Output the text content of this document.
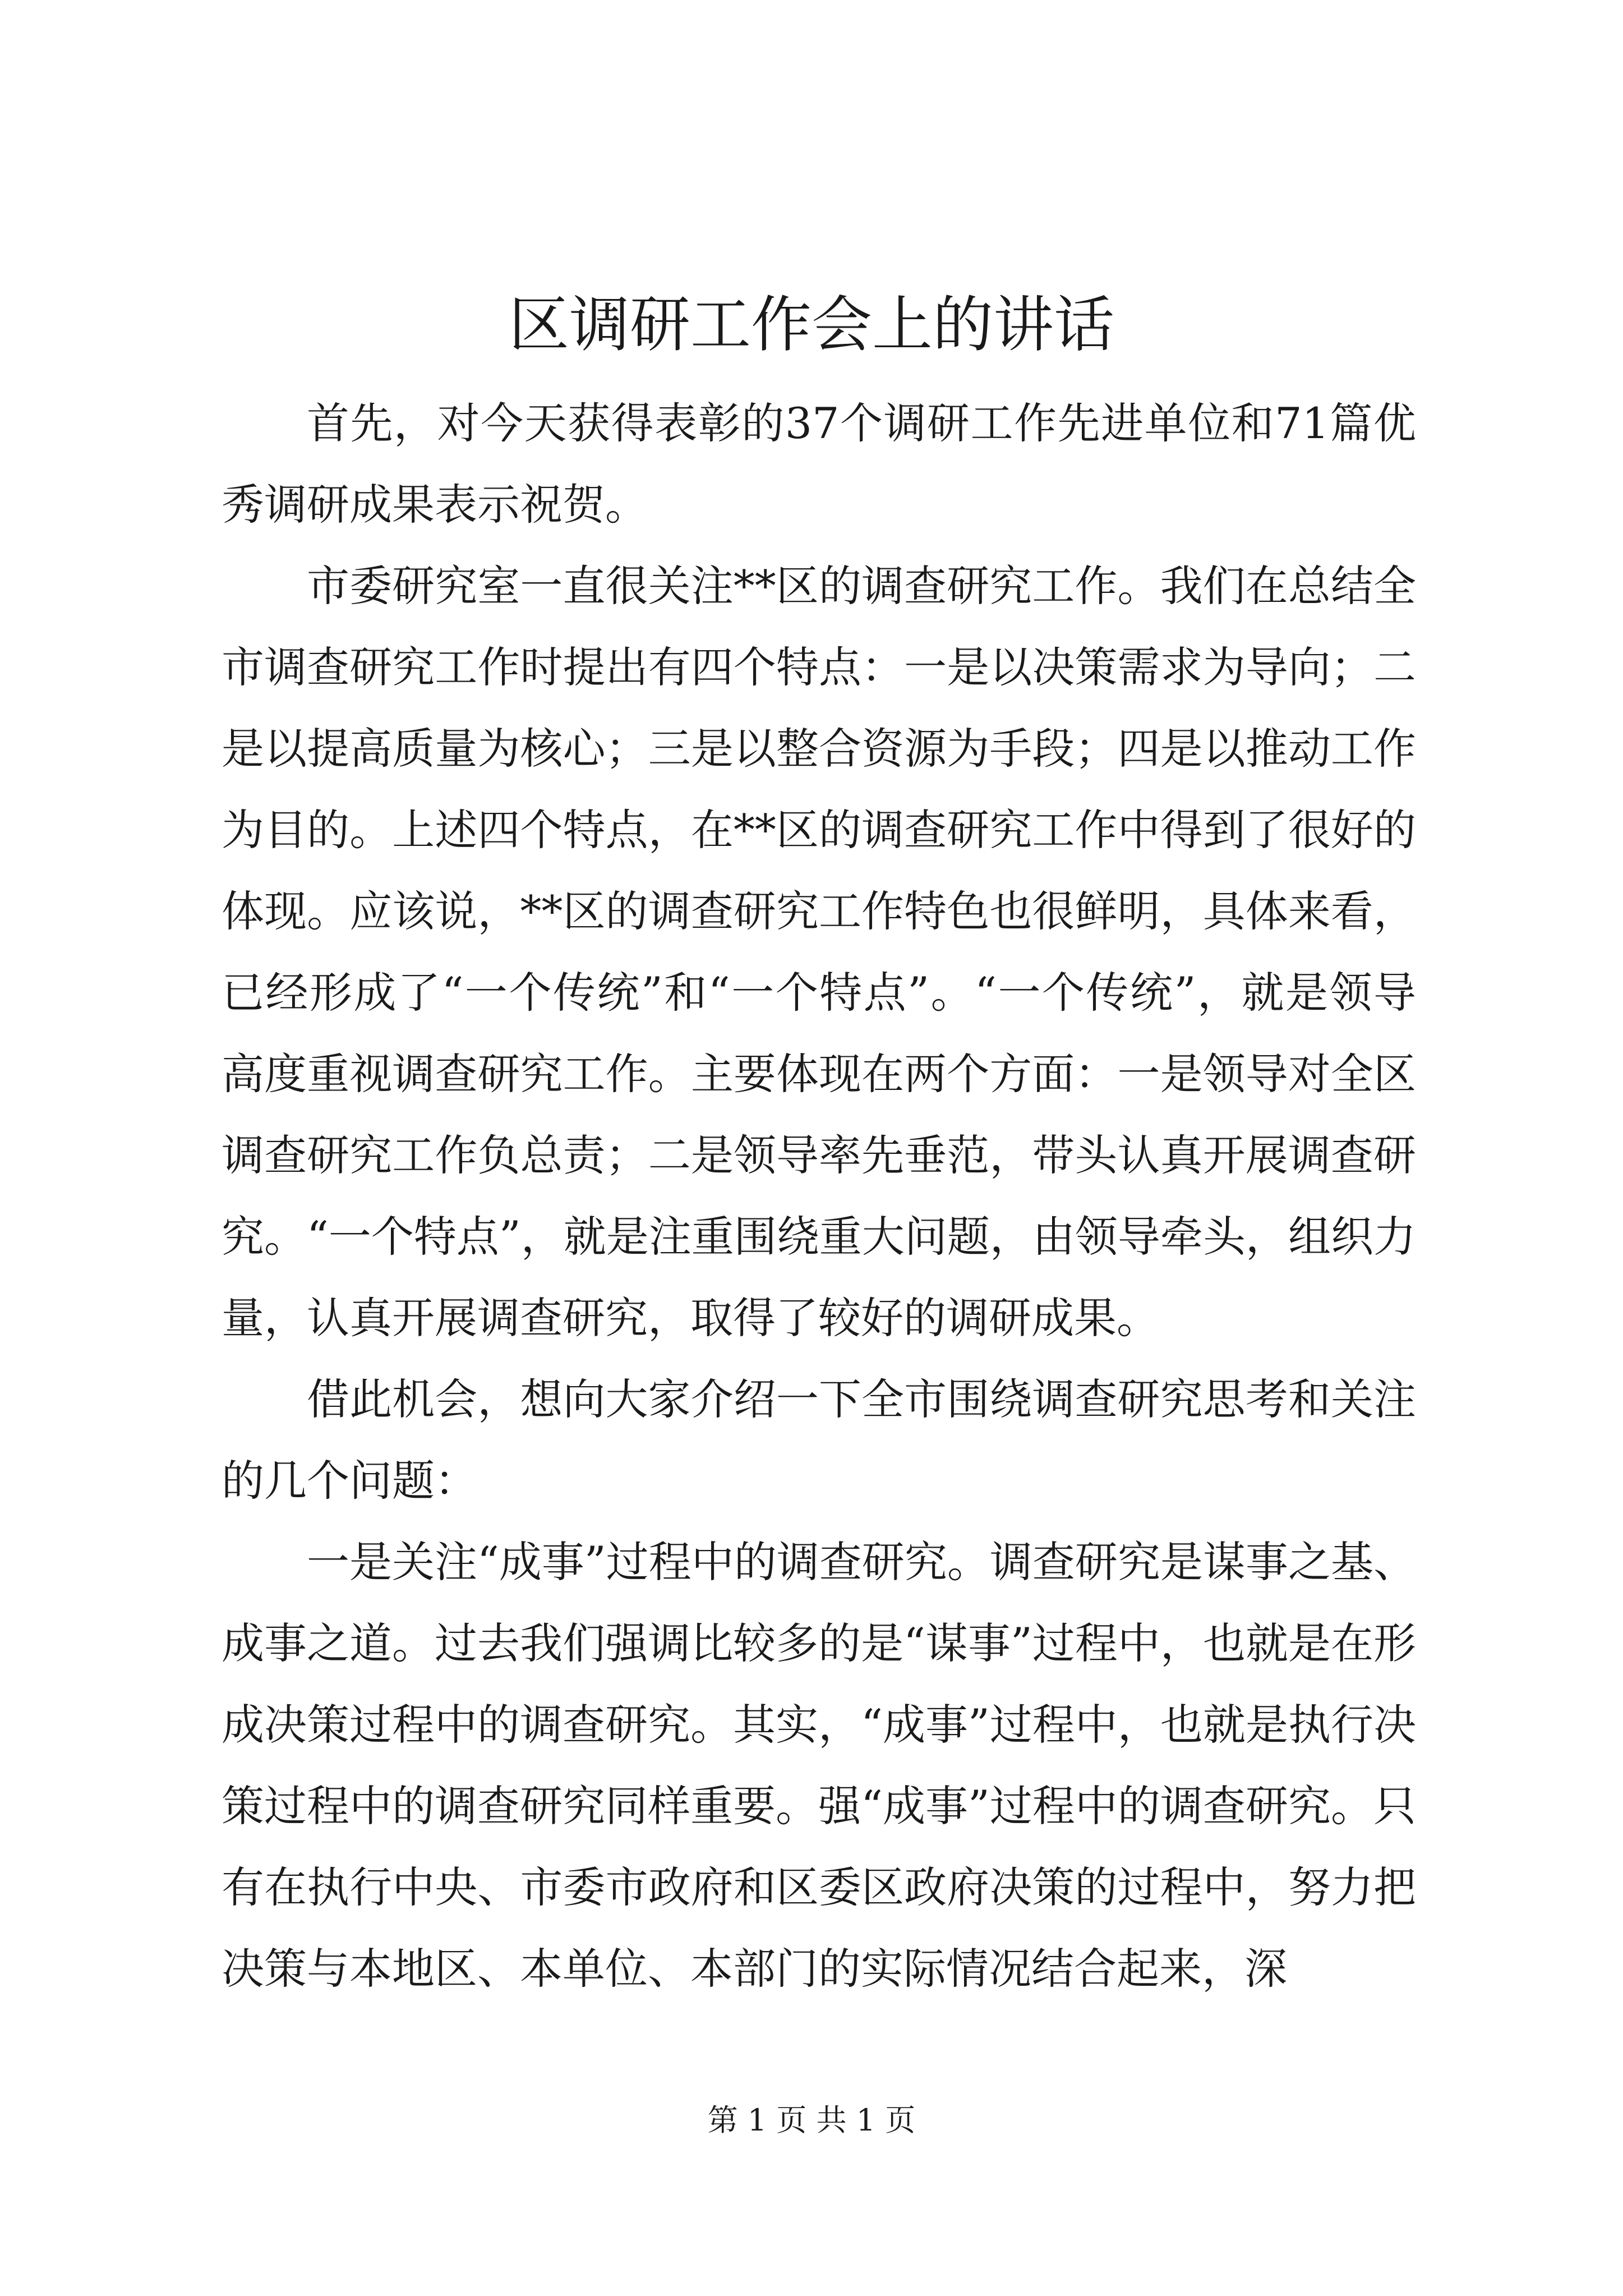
区调研工作会上的讲话

首先，对今天获得表彰的37个调研工作先进单位和71篇优秀调研成果表示祝贺。

市委研究室一直很关注**区的调查研究工作。我们在总结全市调查研究工作时提出有四个特点：一是以决策需求为导向；二是以提高质量为核心；三是以整合资源为手段；四是以推动工作为目的。上述四个特点，在**区的调查研究工作中得到了很好的体现。应该说，**区的调查研究工作特色也很鲜明，具体来看，已经形成了“一个传统”和“一个特点”。“一个传统”，就是领导高度重视调查研究工作。主要体现在两个方面：一是领导对全区调查研究工作负总责；二是领导率先垂范，带头认真开展调查研究。“一个特点”，就是注重围绕重大问题，由领导牵头，组织力量，认真开展调查研究，取得了较好的调研成果。

借此机会，想向大家介绍一下全市围绕调查研究思考和关注的几个问题：

一是关注“成事”过程中的调查研究。调查研究是谋事之基、成事之道。过去我们强调比较多的是“谋事”过程中，也就是在形成决策过程中的调查研究。其实，“成事”过程中，也就是执行决策过程中的调查研究同样重要。强“成事”过程中的调查研究。只有在执行中央、市委市政府和区委区政府决策的过程中，努力把决策与本地区、本单位、本部门的实际情况结合起来，深

第 1 页 共 1 页
